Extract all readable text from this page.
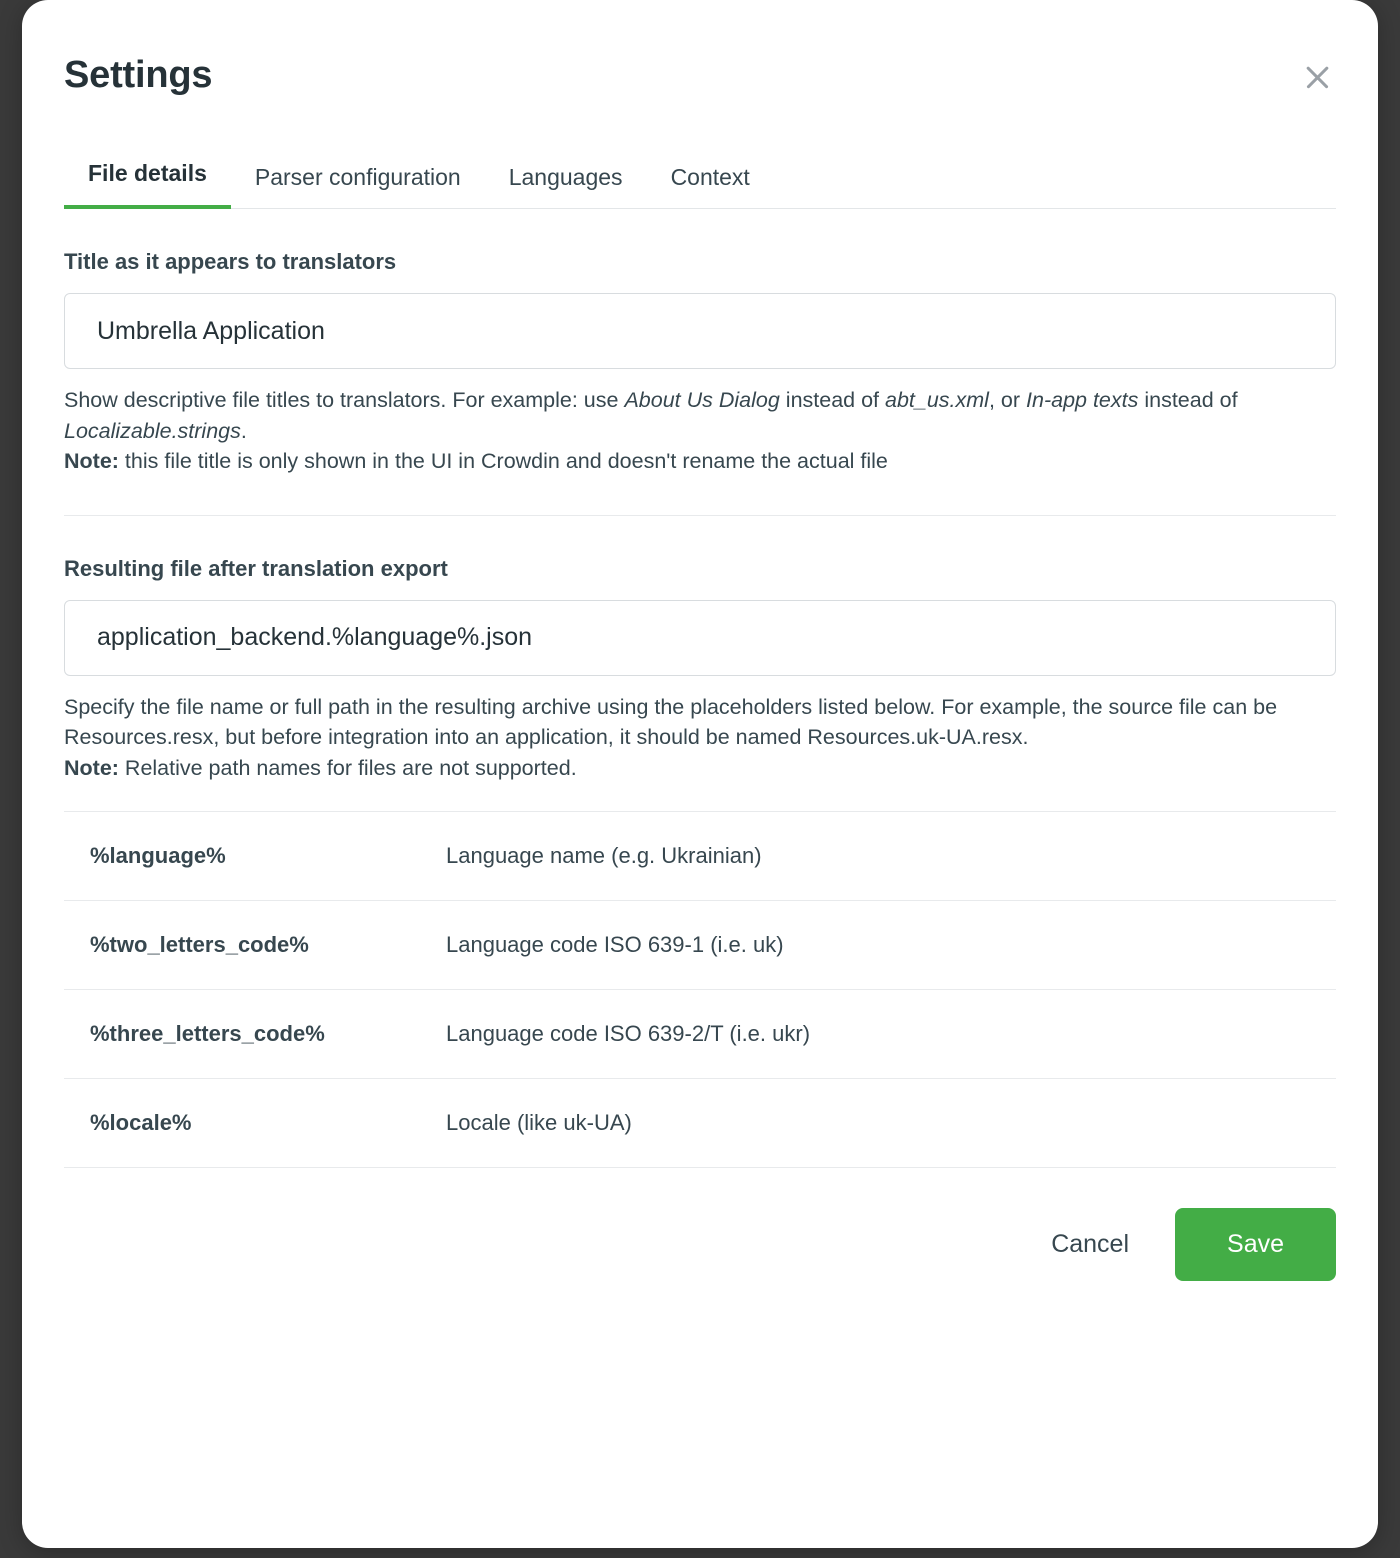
Settings
File details	Parser configuration	Languages	Context
Title as it appears to translators
Umbrella Application
Show descriptive file titles to translators. For example: use About Us Dialog instead of abt_us.xml, or In-app texts instead of Localizable.strings.
Note: this file title is only shown in the UI in Crowdin and doesn't rename the actual file
Resulting file after translation export
application_backend.%language%.json
Specify the file name or full path in the resulting archive using the placeholders listed below. For example, the source file can be Resources.resx, but before integration into an application, it should be named Resources.uk-UA.resx.
Note: Relative path names for files are not supported.
%language%	Language name (e.g. Ukrainian)
%two_letters_code%	Language code ISO 639-1 (i.e. uk)
%three_letters_code%	Language code ISO 639-2/T (i.e. ukr)
%locale%	Locale (like uk-UA)
Cancel	Save
